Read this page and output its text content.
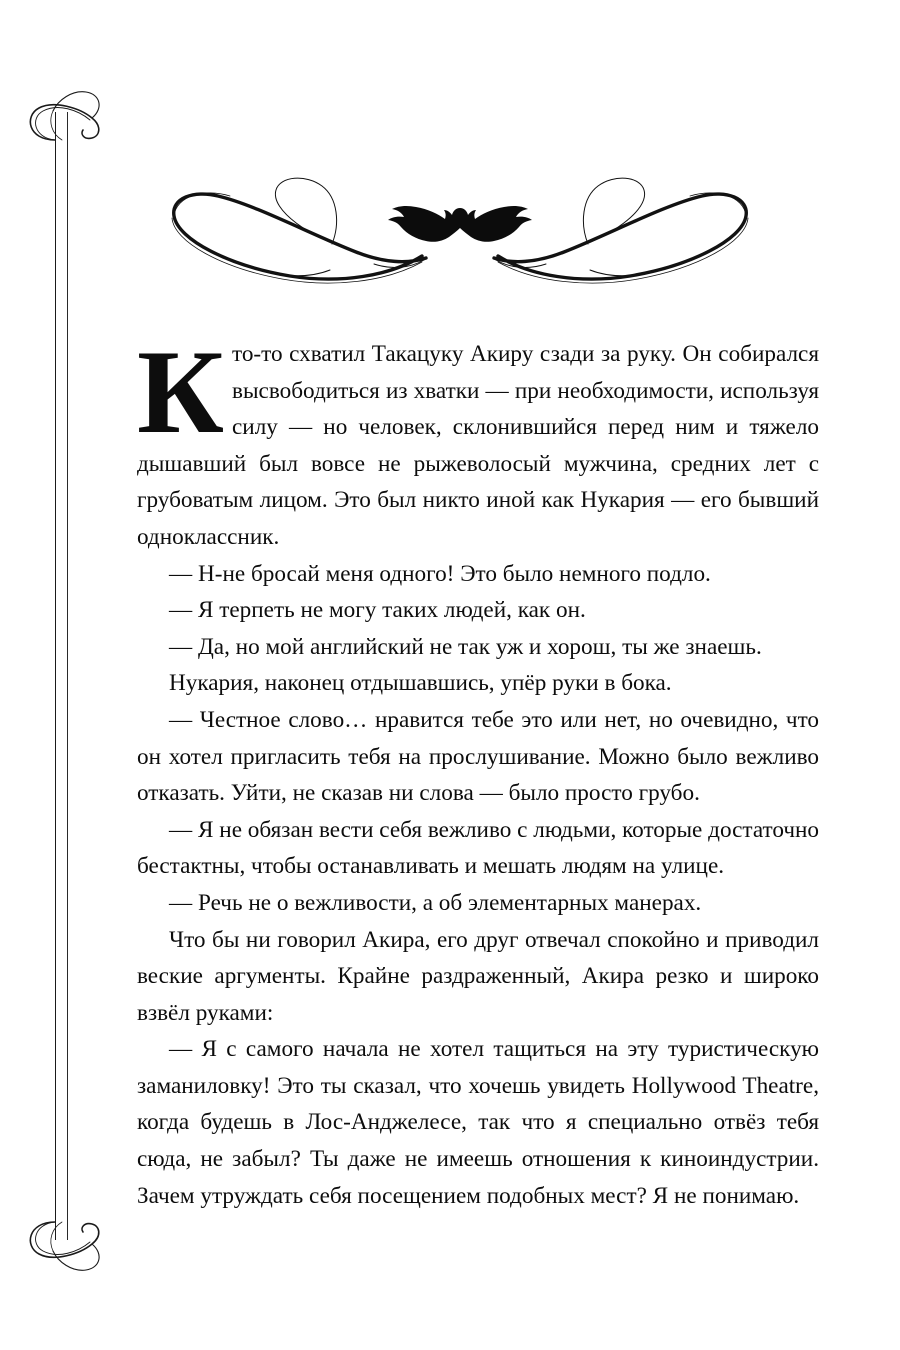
Кто-то схватил Такацуку Акиру сзади за руку. Он собирался высвободиться из хватки — при необходимости, используя силу — но человек, склонившийся перед ним и тяжело дышавший был вовсе не рыжеволосый мужчина, средних лет с грубоватым лицом. Это был никто иной как Нукария — его бывший одноклассник.

— Н-не бросай меня одного! Это было немного подло.

— Я терпеть не могу таких людей, как он.

— Да, но мой английский не так уж и хорош, ты же знаешь.

Нукария, наконец отдышавшись, упёр руки в бока.

— Честное слово… нравится тебе это или нет, но очевидно, что он хотел пригласить тебя на прослушивание. Можно было вежливо отказать. Уйти, не сказав ни слова — было просто грубо.

— Я не обязан вести себя вежливо с людьми, которые достаточно бестактны, чтобы останавливать и мешать людям на улице.

— Речь не о вежливости, а об элементарных манерах.

Что бы ни говорил Акира, его друг отвечал спокойно и приводил веские аргументы. Крайне раздраженный, Акира резко и широко взвёл руками:

— Я с самого начала не хотел тащиться на эту туристическую заманиловку! Это ты сказал, что хочешь увидеть Hollywood Theatre, когда будешь в Лос-Анджелесе, так что я специально отвёз тебя сюда, не забыл? Ты даже не имеешь отношения к киноиндустрии. Зачем утруждать себя посещением подобных мест? Я не понимаю.
